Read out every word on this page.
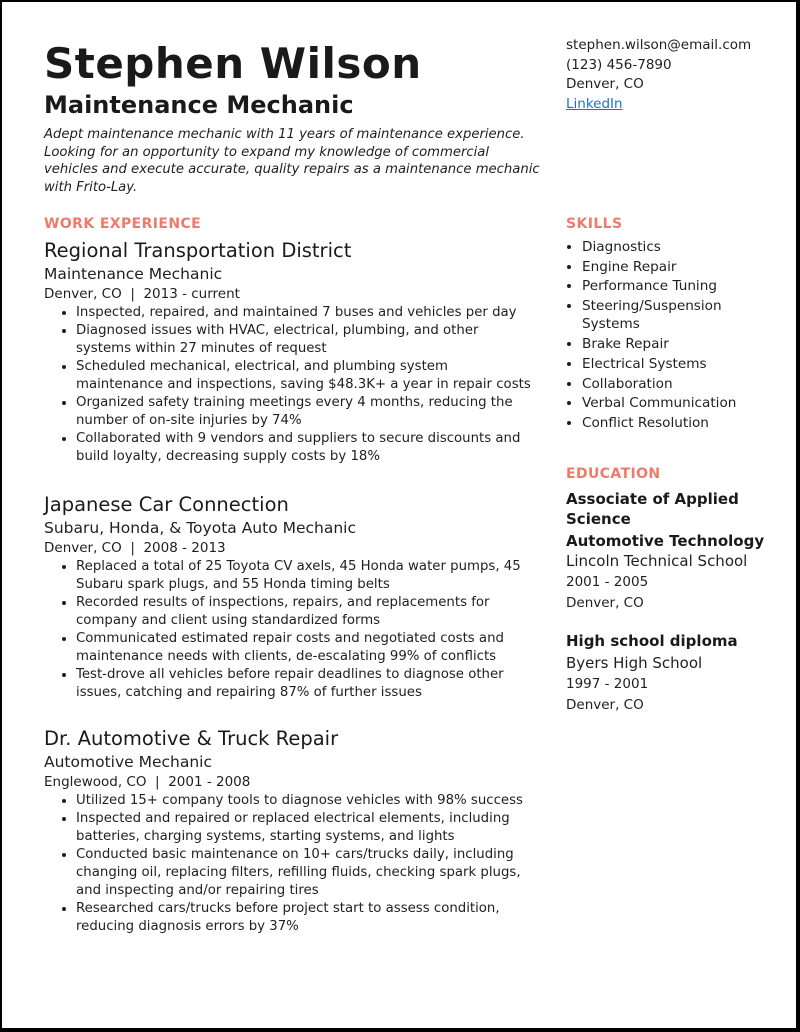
Stephen Wilson
Maintenance Mechanic
Adept maintenance mechanic with 11 years of maintenance experience. Looking for an opportunity to expand my knowledge of commercial vehicles and execute accurate, quality repairs as a maintenance mechanic with Frito-Lay.
stephen.wilson@email.com
(123) 456-7890
Denver, CO
LinkedIn
WORK EXPERIENCE
Regional Transportation District
Maintenance Mechanic
Denver, CO  |  2013 - current
• Inspected, repaired, and maintained 7 buses and vehicles per day
• Diagnosed issues with HVAC, electrical, plumbing, and other systems within 27 minutes of request
• Scheduled mechanical, electrical, and plumbing system maintenance and inspections, saving $48.3K+ a year in repair costs
• Organized safety training meetings every 4 months, reducing the number of on-site injuries by 74%
• Collaborated with 9 vendors and suppliers to secure discounts and build loyalty, decreasing supply costs by 18%
Japanese Car Connection
Subaru, Honda, & Toyota Auto Mechanic
Denver, CO  |  2008 - 2013
• Replaced a total of 25 Toyota CV axels, 45 Honda water pumps, 45 Subaru spark plugs, and 55 Honda timing belts
• Recorded results of inspections, repairs, and replacements for company and client using standardized forms
• Communicated estimated repair costs and negotiated costs and maintenance needs with clients, de-escalating 99% of conflicts
• Test-drove all vehicles before repair deadlines to diagnose other issues, catching and repairing 87% of further issues
Dr. Automotive & Truck Repair
Automotive Mechanic
Englewood, CO  |  2001 - 2008
• Utilized 15+ company tools to diagnose vehicles with 98% success
• Inspected and repaired or replaced electrical elements, including batteries, charging systems, starting systems, and lights
• Conducted basic maintenance on 10+ cars/trucks daily, including changing oil, replacing filters, refilling fluids, checking spark plugs, and inspecting and/or repairing tires
• Researched cars/trucks before project start to assess condition, reducing diagnosis errors by 37%
SKILLS
• Diagnostics
• Engine Repair
• Performance Tuning
• Steering/Suspension Systems
• Brake Repair
• Electrical Systems
• Collaboration
• Verbal Communication
• Conflict Resolution
EDUCATION
Associate of Applied Science
Automotive Technology
Lincoln Technical School
2001 - 2005
Denver, CO
High school diploma
Byers High School
1997 - 2001
Denver, CO
